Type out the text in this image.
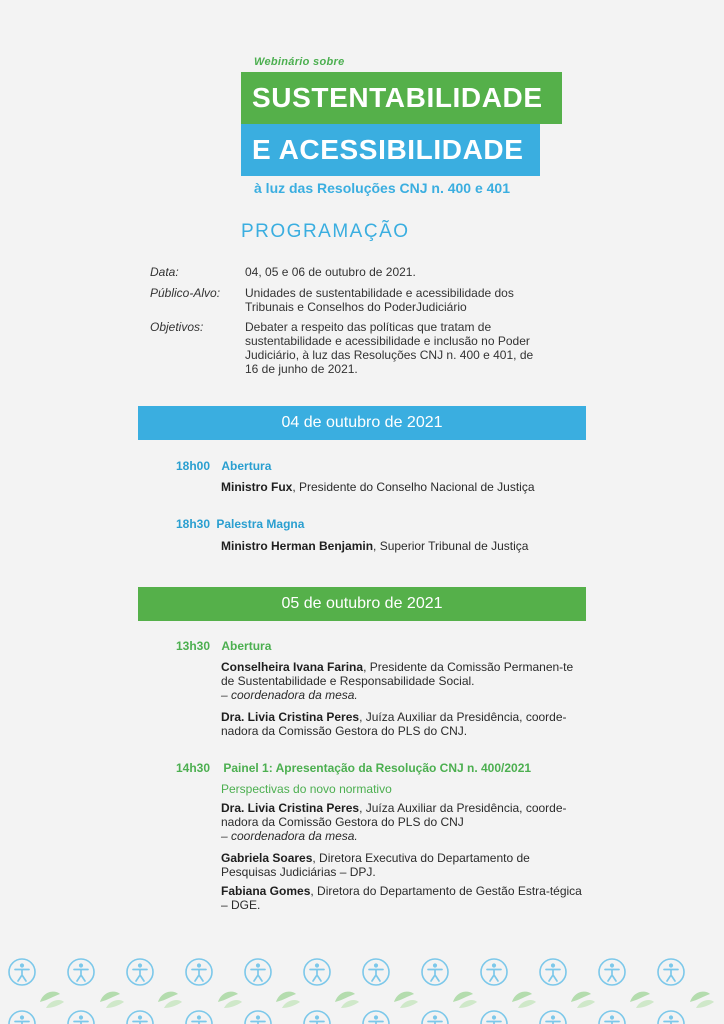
Webinário sobre
SUSTENTABILIDADE
E ACESSIBILIDADE
à luz das Resoluções CNJ n. 400 e 401
PROGRAMAÇÃO
Data:	04, 05 e 06 de outubro de 2021.
Público-Alvo:	Unidades de sustentabilidade e acessibilidade dos Tribunais e Conselhos do PoderJudiciário
Objetivos:	Debater a respeito das políticas que tratam de sustentabilidade e acessibilidade e inclusão no Poder Judiciário, à luz das Resoluções CNJ n. 400 e 401, de 16 de junho de 2021.
04 de outubro de 2021
18h00 Abertura
Ministro Fux, Presidente do Conselho Nacional de Justiça
18h30 Palestra Magna
Ministro Herman Benjamin, Superior Tribunal de Justiça
05 de outubro de 2021
13h30 Abertura
Conselheira Ivana Farina, Presidente da Comissão Permanen-te de Sustentabilidade e Responsabilidade Social.
– coordenadora da mesa.
Dra. Livia Cristina Peres, Juíza Auxiliar da Presidência, coorde-nadora da Comissão Gestora do PLS do CNJ.
14h30 Painel 1: Apresentação da Resolução CNJ n. 400/2021
Perspectivas do novo normativo
Dra. Livia Cristina Peres, Juíza Auxiliar da Presidência, coorde-nadora da Comissão Gestora do PLS do CNJ
– coordenadora da mesa.
Gabriela Soares, Diretora Executiva do Departamento de Pesquisas Judiciárias – DPJ.
Fabiana Gomes, Diretora do Departamento de Gestão Estra-tégica – DGE.
